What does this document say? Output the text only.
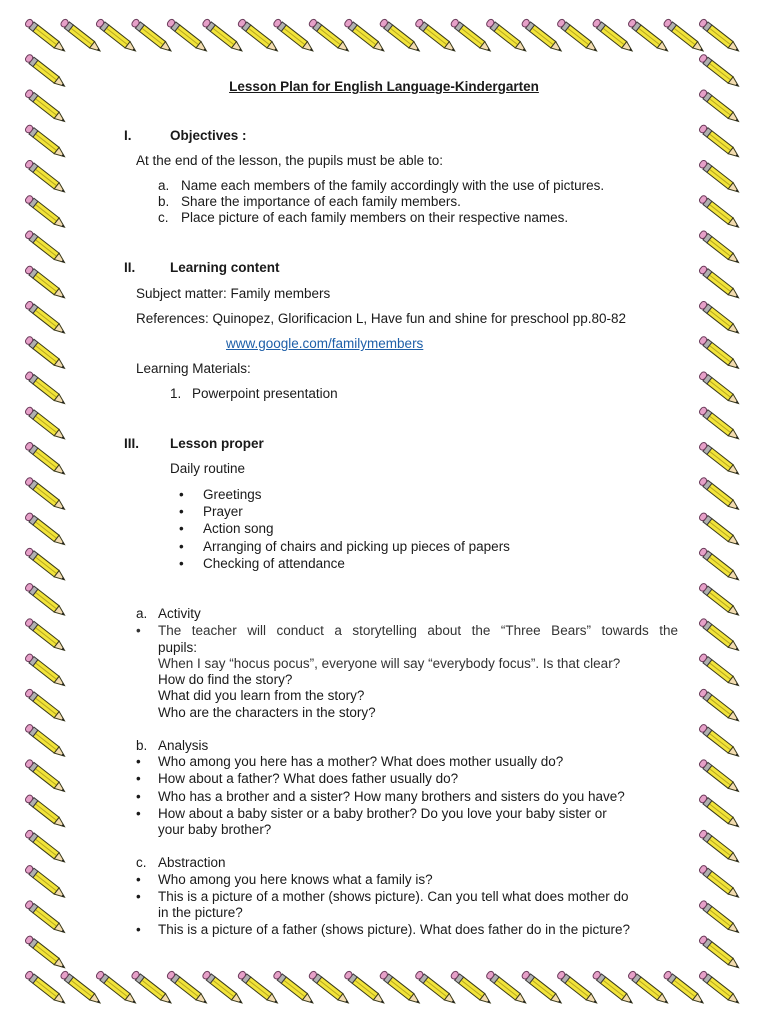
Lesson Plan for English Language-Kindergarten
I.	Objectives :
At the end of the lesson, the pupils must be able to:
a. Name each members of the family accordingly with the use of pictures.
b. Share the importance of each family members.
c. Place picture of each family members on their respective names.
II.	Learning content
Subject matter: Family members
References: Quinopez, Glorificacion L, Have fun and shine for preschool pp.80-82
www.google.com/familymembers
Learning Materials:
1. Powerpoint presentation
III. Lesson proper
Daily routine
• Greetings
• Prayer
• Action song
• Arranging of chairs and picking up pieces of papers
• Checking of attendance
a. Activity
• The teacher will conduct a storytelling about the “Three Bears” towards the
pupils:
When I say “hocus pocus”, everyone will say “everybody focus”. Is that clear?
How do find the story?
What did you learn from the story?
Who are the characters in the story?
b. Analysis
• Who among you here has a mother? What does mother usually do?
• How about a father? What does father usually do?
• Who has a brother and a sister? How many brothers and sisters do you have?
• How about a baby sister or a baby brother? Do you love your baby sister or
your baby brother?
c. Abstraction
• Who among you here knows what a family is?
• This is a picture of a mother (shows picture). Can you tell what does mother do
in the picture?
• This is a picture of a father (shows picture). What does father do in the picture?
